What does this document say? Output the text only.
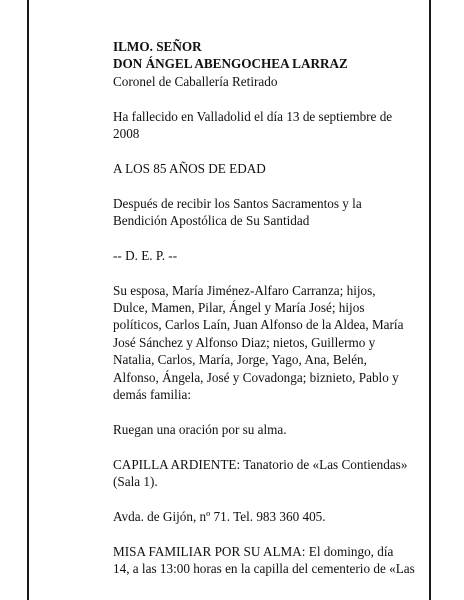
ILMO. SEÑOR

DON ÁNGEL ABENGOCHEA LARRAZ

Coronel de Caballería Retirado

Ha fallecido en Valladolid el día 13 de septiembre de

2008

A LOS 85 AÑOS DE EDAD

Después de recibir los Santos Sacramentos y la

Bendición Apostólica de Su Santidad

-- D. E. P. --

Su esposa, María Jiménez-Alfaro Carranza; hijos,

Dulce, Mamen, Pilar, Ángel y María José; hijos

políticos, Carlos Laín, Juan Alfonso de la Aldea, María

José Sánchez y Alfonso Diaz; nietos, Guillermo y

Natalia, Carlos, María, Jorge, Yago, Ana, Belén,

Alfonso, Ángela, José y Covadonga; biznieto, Pablo y

demás familia:

Ruegan una oración por su alma.

CAPILLA ARDIENTE: Tanatorio de «Las Contiendas»

(Sala 1).

Avda. de Gijón, nº 71. Tel. 983 360 405.

MISA FAMILIAR POR SU ALMA: El domingo, día

14, a las 13:00 horas en la capilla del cementerio de «Las
